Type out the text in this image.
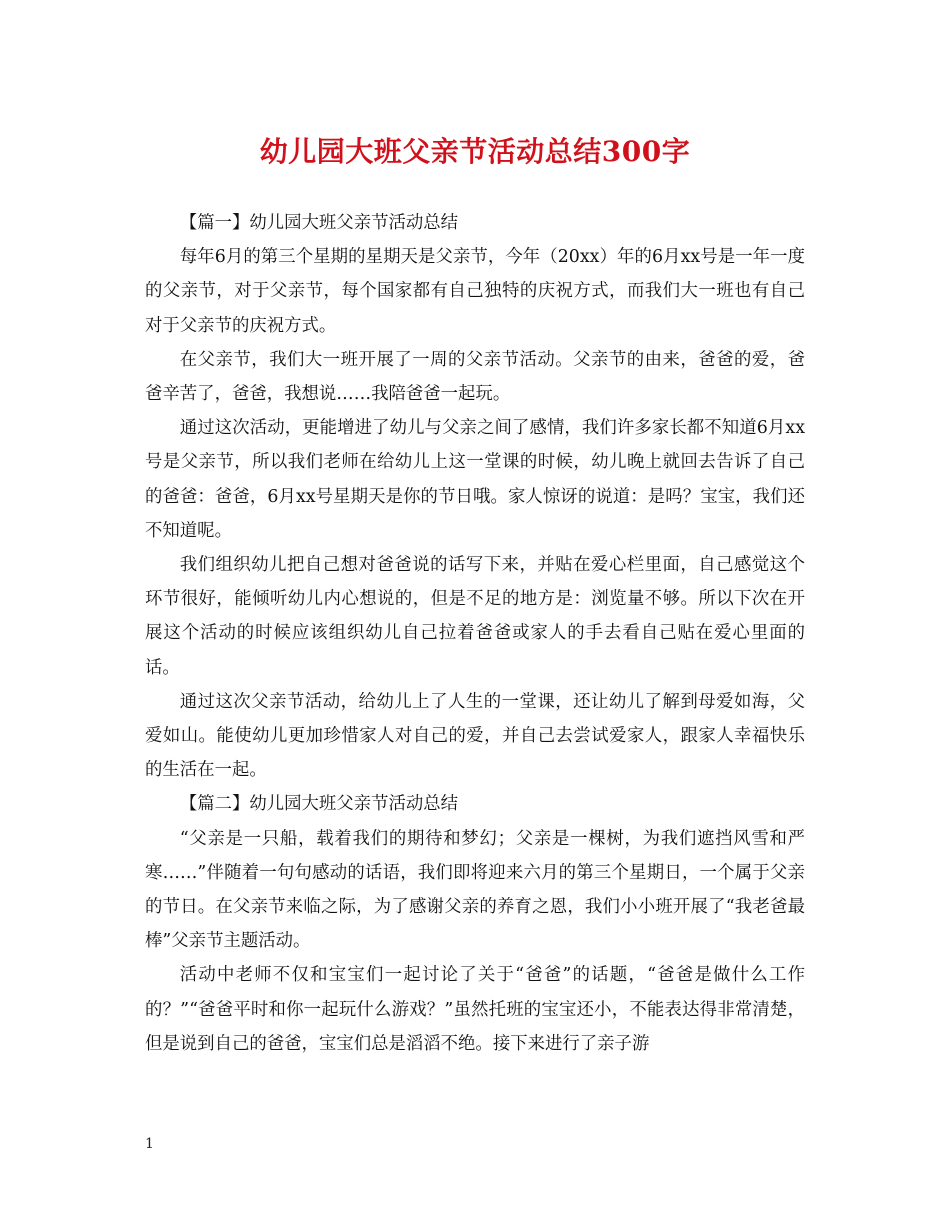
幼儿园大班父亲节活动总结300字

【篇一】幼儿园大班父亲节活动总结

每年6月的第三个星期的星期天是父亲节，今年（20xx）年的6月xx号是一年一度的父亲节，对于父亲节，每个国家都有自己独特的庆祝方式，而我们大一班也有自己对于父亲节的庆祝方式。

在父亲节，我们大一班开展了一周的父亲节活动。父亲节的由来，爸爸的爱，爸爸辛苦了，爸爸，我想说……我陪爸爸一起玩。

通过这次活动，更能增进了幼儿与父亲之间了感情，我们许多家长都不知道6月xx号是父亲节，所以我们老师在给幼儿上这一堂课的时候，幼儿晚上就回去告诉了自己的爸爸：爸爸，6月xx号星期天是你的节日哦。家人惊讶的说道：是吗？宝宝，我们还不知道呢。

我们组织幼儿把自己想对爸爸说的话写下来，并贴在爱心栏里面，自己感觉这个环节很好，能倾听幼儿内心想说的，但是不足的地方是：浏览量不够。所以下次在开展这个活动的时候应该组织幼儿自己拉着爸爸或家人的手去看自己贴在爱心里面的话。

通过这次父亲节活动，给幼儿上了人生的一堂课，还让幼儿了解到母爱如海，父爱如山。能使幼儿更加珍惜家人对自己的爱，并自己去尝试爱家人，跟家人幸福快乐的生活在一起。

【篇二】幼儿园大班父亲节活动总结

“父亲是一只船，载着我们的期待和梦幻；父亲是一棵树，为我们遮挡风雪和严寒……”伴随着一句句感动的话语，我们即将迎来六月的第三个星期日，一个属于父亲的节日。在父亲节来临之际，为了感谢父亲的养育之恩，我们小小班开展了“我老爸最棒”父亲节主题活动。

活动中老师不仅和宝宝们一起讨论了关于“爸爸”的话题，“爸爸是做什么工作的？”“爸爸平时和你一起玩什么游戏？”虽然托班的宝宝还小，不能表达得非常清楚，但是说到自己的爸爸，宝宝们总是滔滔不绝。接下来进行了亲子游

1
